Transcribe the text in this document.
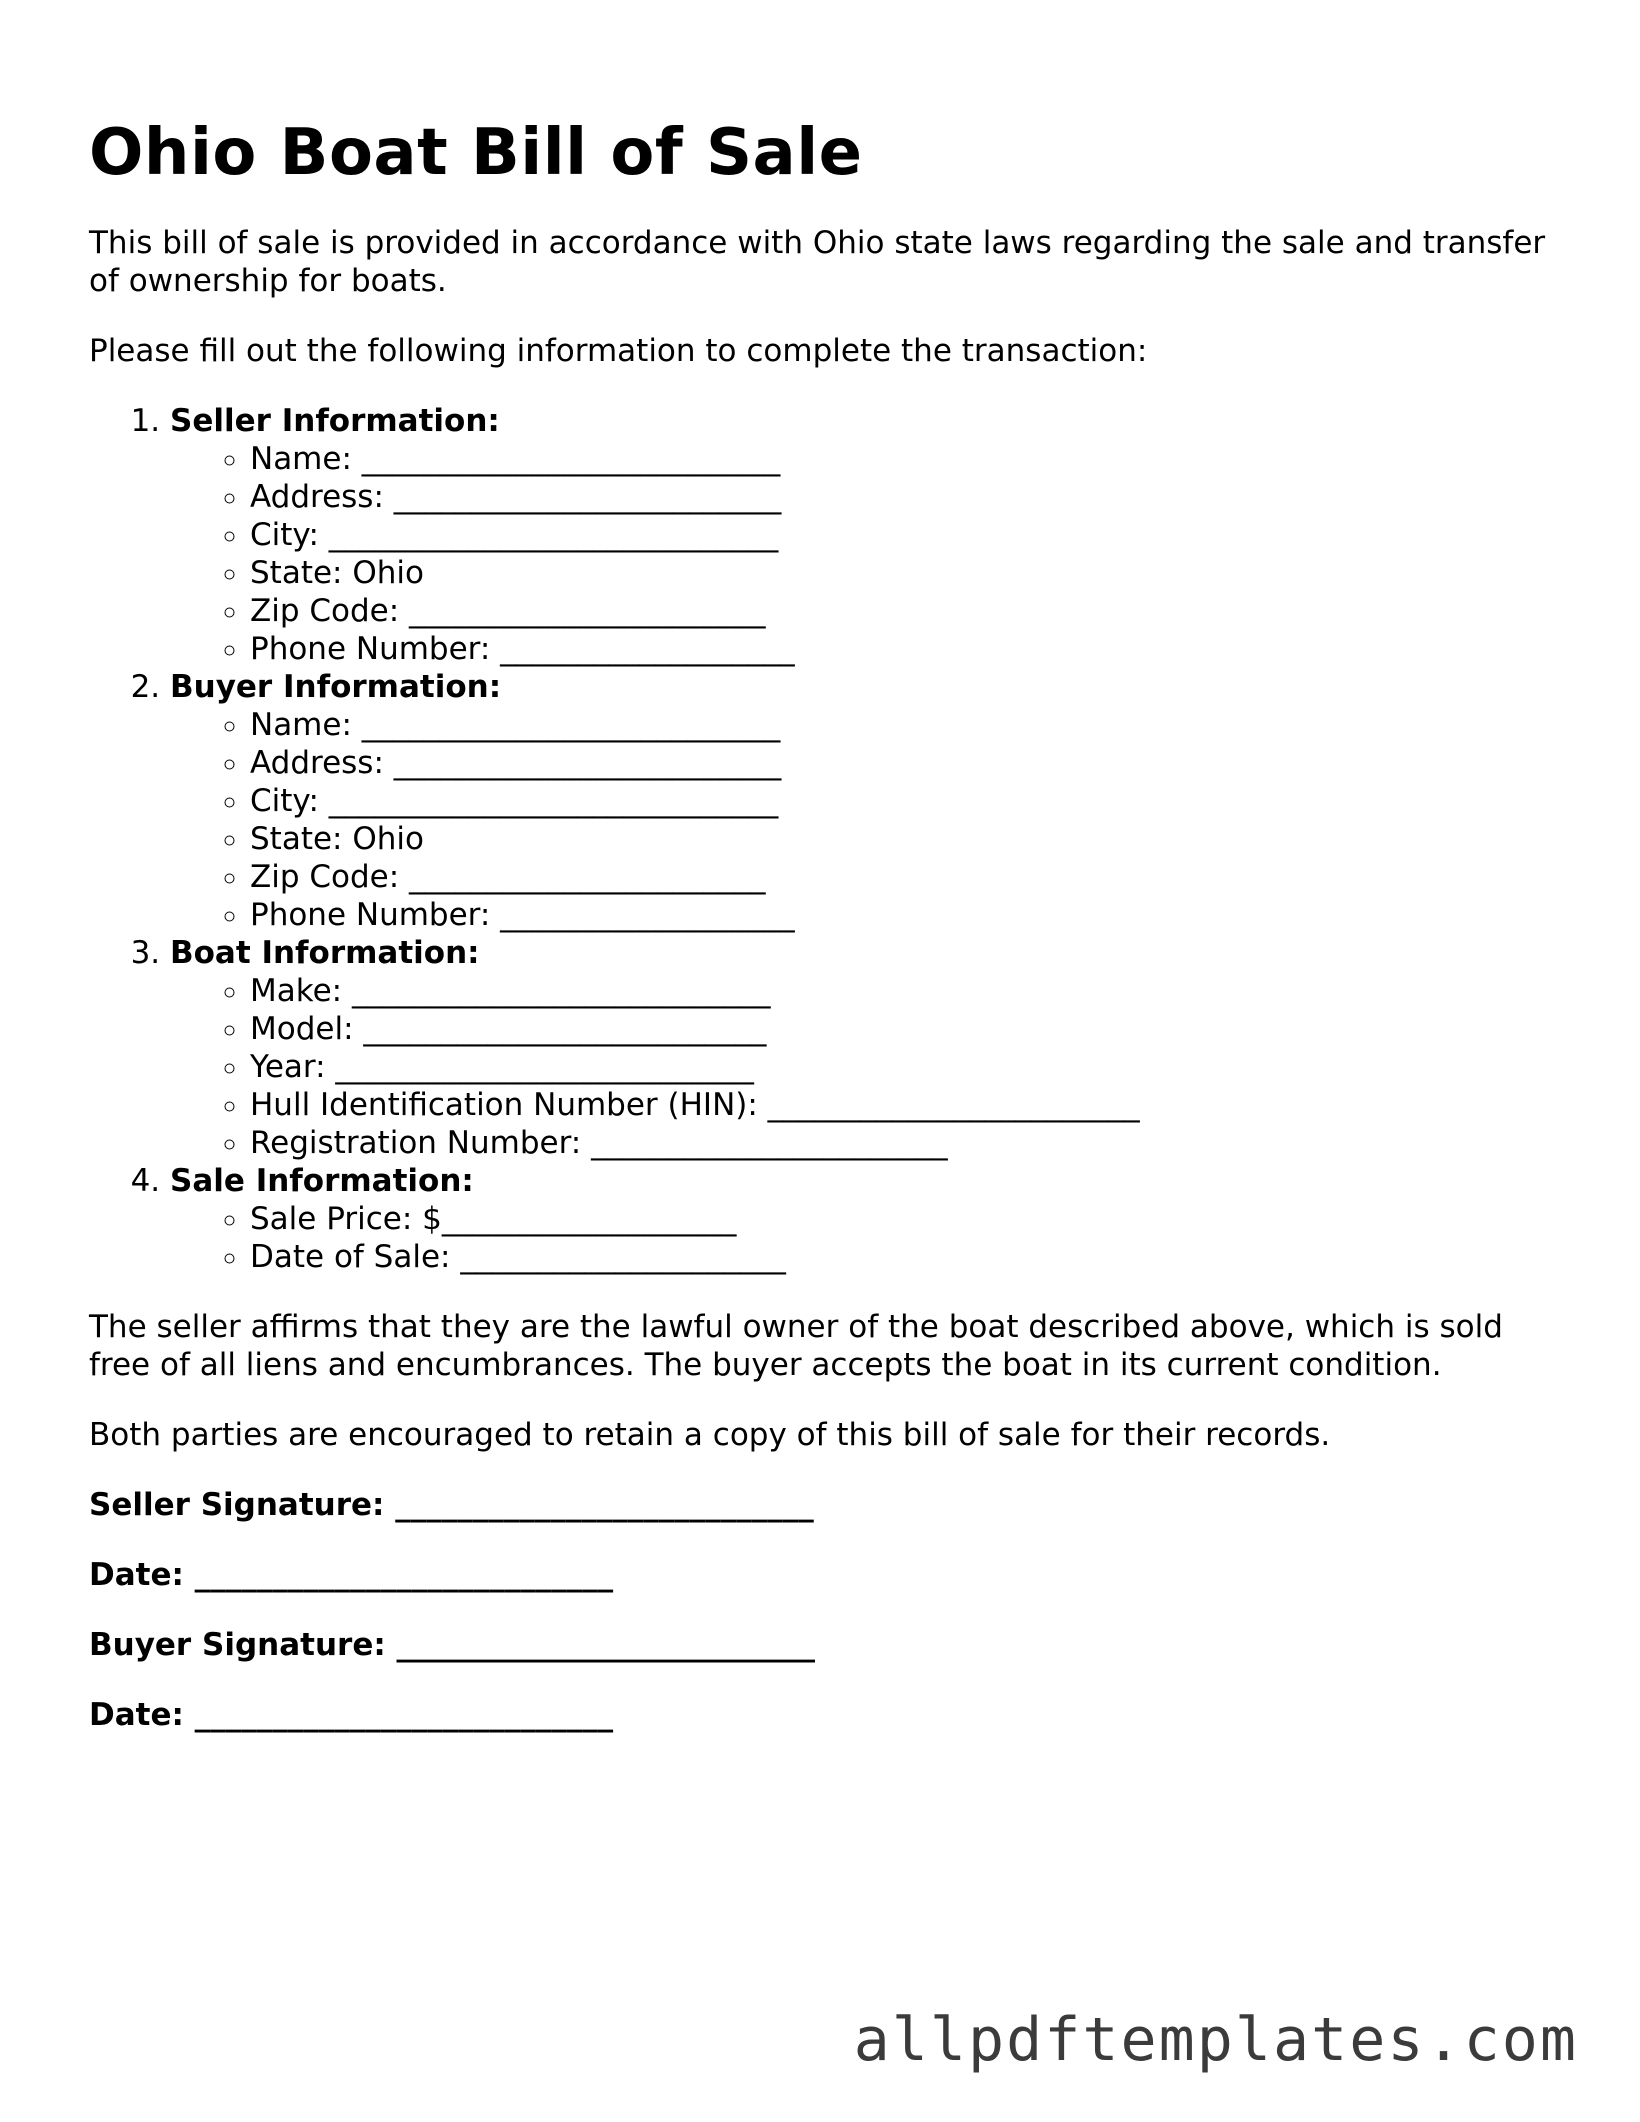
Ohio Boat Bill of Sale

This bill of sale is provided in accordance with Ohio state laws regarding the sale and transfer of ownership for boats.

Please fill out the following information to complete the transaction:

1. Seller Information:
◦ Name: ___________________________
◦ Address: _________________________
◦ City: _____________________________
◦ State: Ohio
◦ Zip Code: _______________________
◦ Phone Number: ___________________
2. Buyer Information:
◦ Name: ___________________________
◦ Address: _________________________
◦ City: _____________________________
◦ State: Ohio
◦ Zip Code: _______________________
◦ Phone Number: ___________________
3. Boat Information:
◦ Make: ___________________________
◦ Model: __________________________
◦ Year: ___________________________
◦ Hull Identification Number (HIN): ________________________
◦ Registration Number: _______________________
4. Sale Information:
◦ Sale Price: $___________________
◦ Date of Sale: _____________________

The seller affirms that they are the lawful owner of the boat described above, which is sold free of all liens and encumbrances. The buyer accepts the boat in its current condition.

Both parties are encouraged to retain a copy of this bill of sale for their records.

Seller Signature: ___________________________
Date: ___________________________
Buyer Signature: ___________________________
Date: ___________________________
allpdftemplates.com
